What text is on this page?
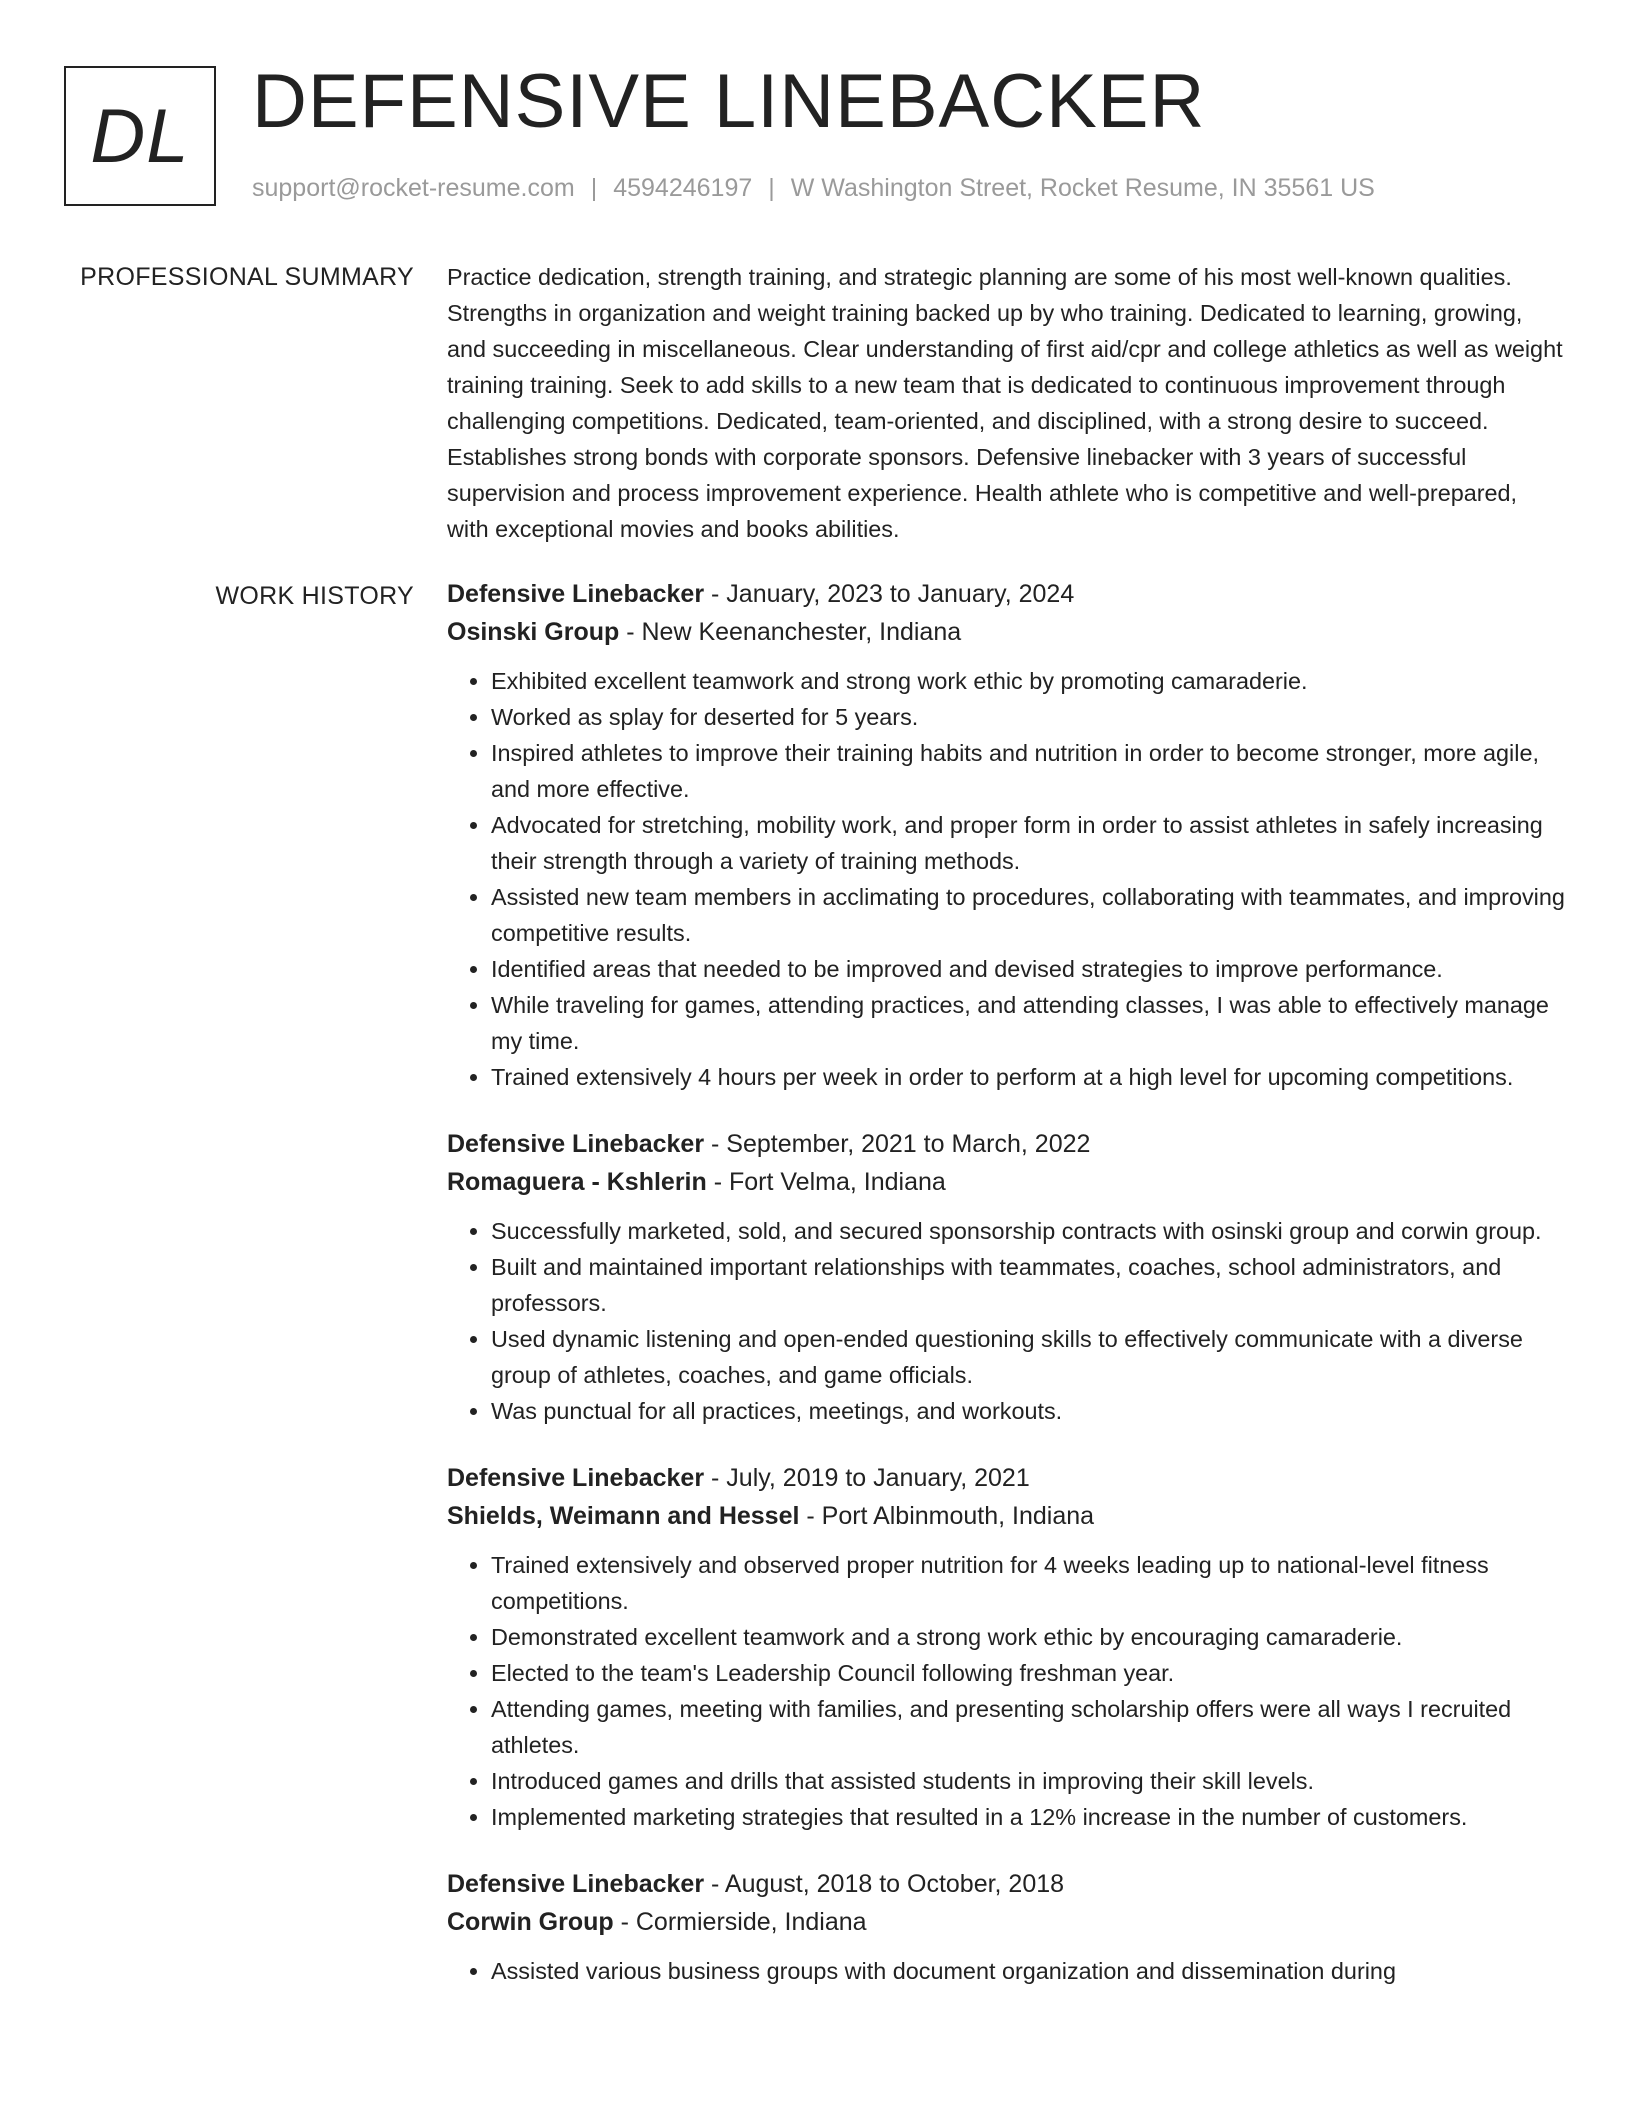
DL DEFENSIVE LINEBACKER
support@rocket-resume.com | 4594246197 | W Washington Street, Rocket Resume, IN 35561 US
PROFESSIONAL SUMMARY Practice dedication, strength training, and strategic planning are some of his most well-known qualities. Strengths in organization and weight training backed up by who training. Dedicated to learning, growing, and succeeding in miscellaneous. Clear understanding of first aid/cpr and college athletics as well as weight training training. Seek to add skills to a new team that is dedicated to continuous improvement through challenging competitions. Dedicated, team-oriented, and disciplined, with a strong desire to succeed. Establishes strong bonds with corporate sponsors. Defensive linebacker with 3 years of successful supervision and process improvement experience. Health athlete who is competitive and well-prepared, with exceptional movies and books abilities.

WORK HISTORY Defensive Linebacker - January, 2023 to January, 2024
Osinski Group - New Keenanchester, Indiana
• Exhibited excellent teamwork and strong work ethic by promoting camaraderie.
• Worked as splay for deserted for 5 years.
• Inspired athletes to improve their training habits and nutrition in order to become stronger, more agile, and more effective.
• Advocated for stretching, mobility work, and proper form in order to assist athletes in safely increasing their strength through a variety of training methods.
• Assisted new team members in acclimating to procedures, collaborating with teammates, and improving competitive results.
• Identified areas that needed to be improved and devised strategies to improve performance.
• While traveling for games, attending practices, and attending classes, I was able to effectively manage my time.
• Trained extensively 4 hours per week in order to perform at a high level for upcoming competitions.
Defensive Linebacker - September, 2021 to March, 2022
Romaguera - Kshlerin - Fort Velma, Indiana
• Successfully marketed, sold, and secured sponsorship contracts with osinski group and corwin group.
• Built and maintained important relationships with teammates, coaches, school administrators, and professors.
• Used dynamic listening and open-ended questioning skills to effectively communicate with a diverse group of athletes, coaches, and game officials.
• Was punctual for all practices, meetings, and workouts.
Defensive Linebacker - July, 2019 to January, 2021
Shields, Weimann and Hessel - Port Albinmouth, Indiana
• Trained extensively and observed proper nutrition for 4 weeks leading up to national-level fitness competitions.
• Demonstrated excellent teamwork and a strong work ethic by encouraging camaraderie.
• Elected to the team's Leadership Council following freshman year.
• Attending games, meeting with families, and presenting scholarship offers were all ways I recruited athletes.
• Introduced games and drills that assisted students in improving their skill levels.
• Implemented marketing strategies that resulted in a 12% increase in the number of customers.
Defensive Linebacker - August, 2018 to October, 2018
Corwin Group - Cormierside, Indiana
• Assisted various business groups with document organization and dissemination during
